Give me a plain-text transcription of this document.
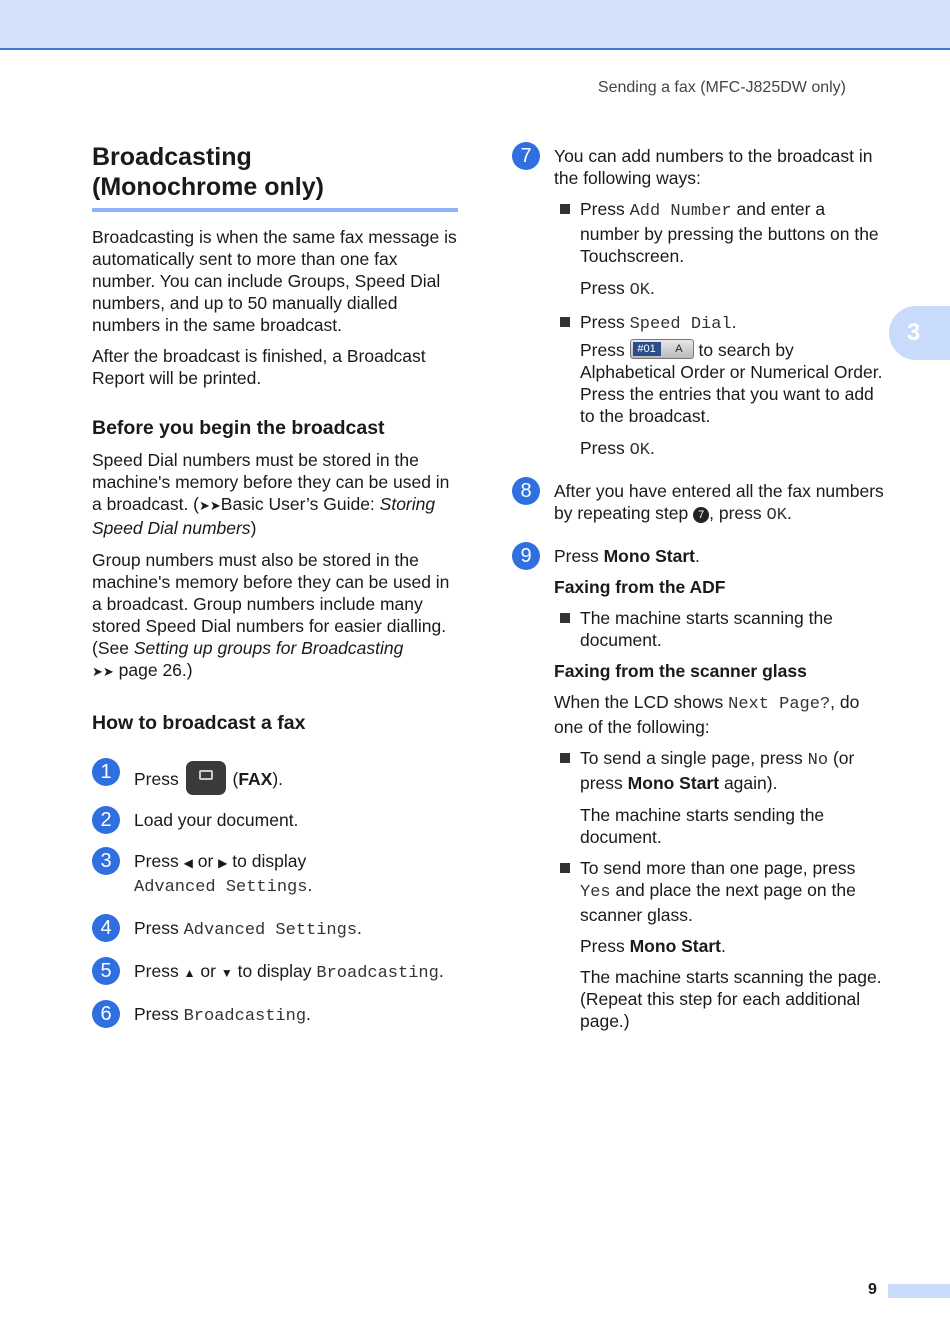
Sending a fax (MFC-J825DW only)
3
Broadcasting
(Monochrome only)

Broadcasting is when the same fax message is automatically sent to more than one fax number. You can include Groups, Speed Dial numbers, and up to 50 manually dialled numbers in the same broadcast.

After the broadcast is finished, a Broadcast Report will be printed.

Before you begin the broadcast

Speed Dial numbers must be stored in the machine's memory before they can be used in a broadcast. (➤➤Basic User’s Guide: Storing Speed Dial numbers)

Group numbers must also be stored in the machine's memory before they can be used in a broadcast. Group numbers include many stored Speed Dial numbers for easier dialling. (See Setting up groups for Broadcasting
➤➤ page 26.)

How to broadcast a fax
1	Press	(FAX).
2	Load your document.
3	Press ◀ or ▶ to display
Advanced Settings.
4	Press Advanced Settings.
5	Press ▲ or ▼ to display Broadcasting.
6	Press Broadcasting.
7	You can add numbers to the broadcast in the following ways:

Press Add Number and enter a number by pressing the buttons on the Touchscreen.

Press OK.

Press Speed Dial.

Press	#01	A to search by Alphabetical Order or Numerical Order. Press the entries that you want to add to the broadcast.

Press OK.

8	After you have entered all the fax numbers by repeating step 7 , press OK.

9	Press Mono Start.

Faxing from the ADF

The machine starts scanning the document.

Faxing from the scanner glass

When the LCD shows Next Page?, do one of the following:

To send a single page, press No (or press Mono Start again).

The machine starts sending the document.

To send more than one page, press Yes and place the next page on the scanner glass.

Press Mono Start.

The machine starts scanning the page. (Repeat this step for each additional page.)

9
